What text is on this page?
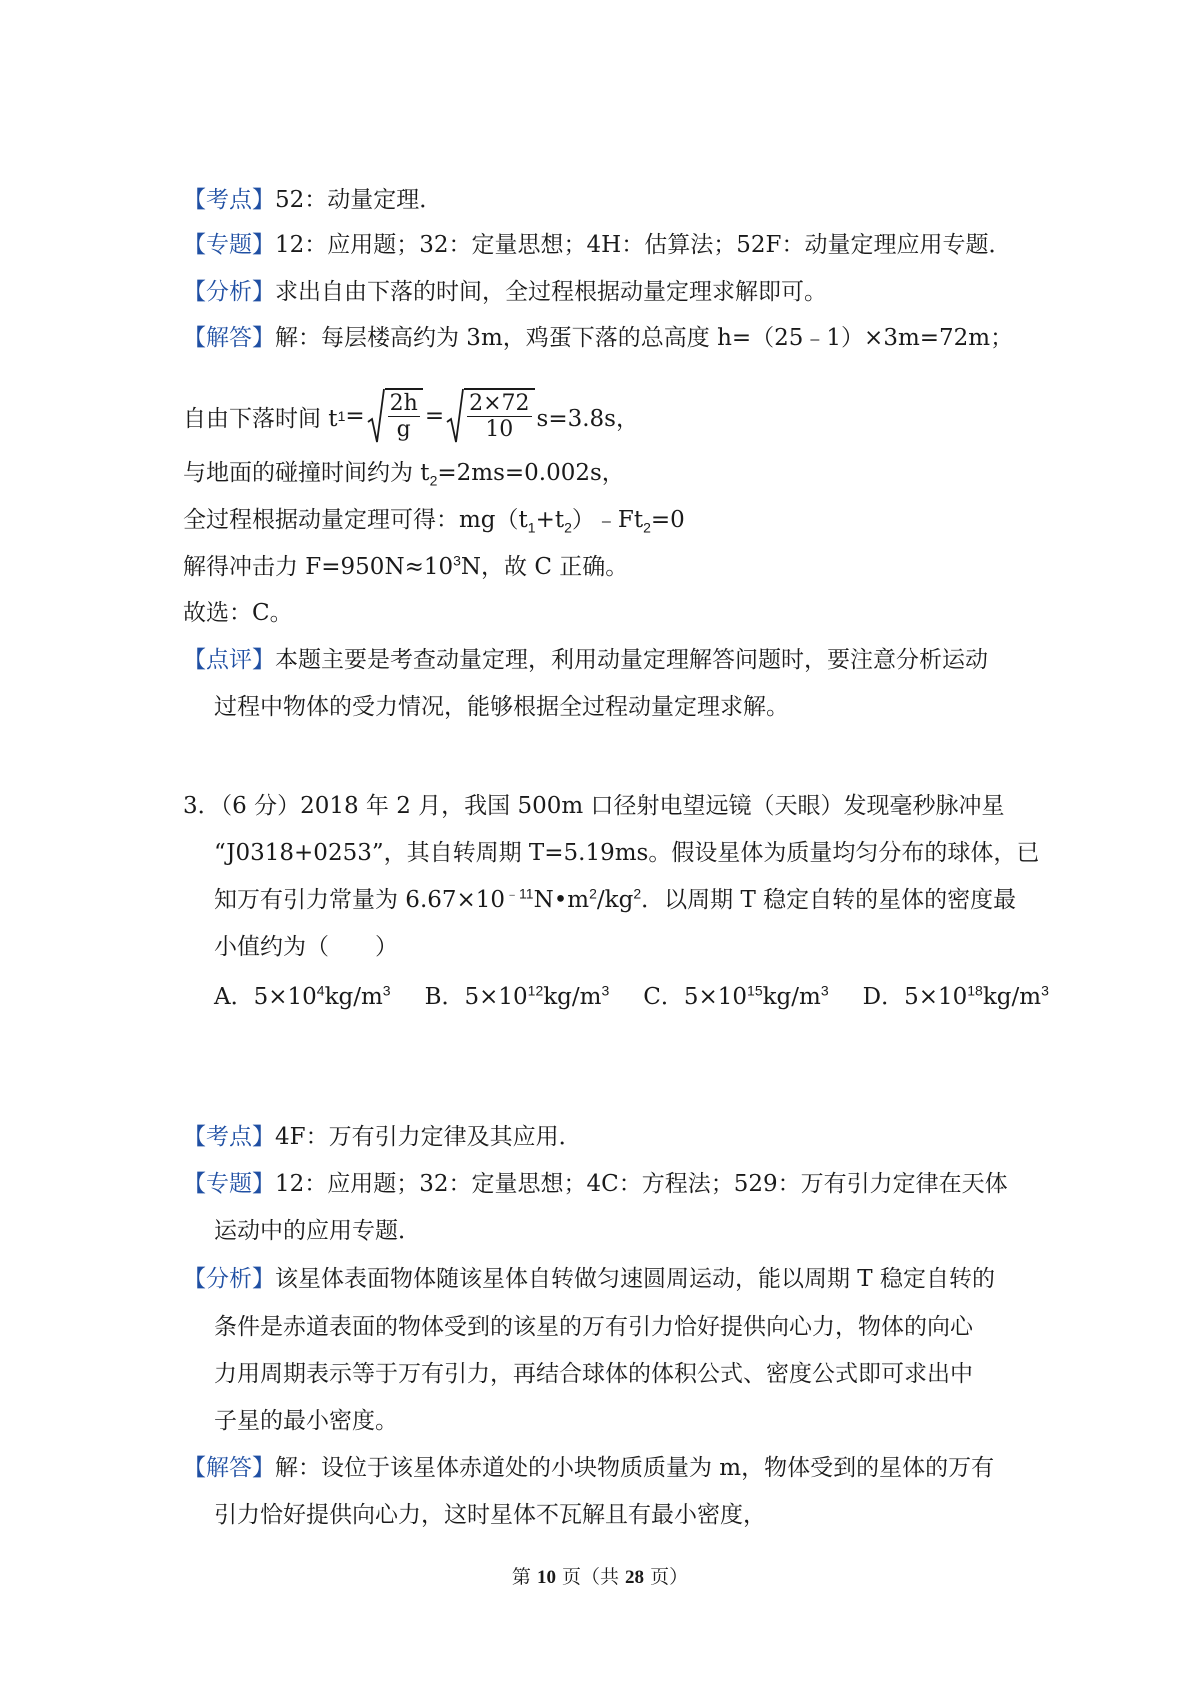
【考点】52：动量定理．
【专题】12：应用题；32：定量思想；4H：估算法；52F：动量定理应用专题．
【分析】求出自由下落的时间，全过程根据动量定理求解即可。
【解答】解：每层楼高约为 3m，鸡蛋下落的总高度 h=（25﹣1）×3m=72m；
自由下落时间 t $1 = \frac{2h}{g} = \frac{2\times 72}{10} s=3.8s$，
与地面的碰撞时间约为 $t_2=2ms=0.002s$，
全过程根据动量定理可得：$mg(t_1+t_2)﹣Ft_2=0$
解得冲击力 $F=950N\approx 10^3N$，故 C 正确。
故选：C。
【点评】本题主要是考查动量定理，利用动量定理解答问题时，要注意分析运动
过程中物体的受力情况，能够根据全过程动量定理求解。
3．（6 分）2018 年 2 月，我国 500m 口径射电望远镜（天眼）发现毫秒脉冲星
“J0318+0253”，其自转周期 T=5.19ms。假设星体为质量均匀分布的球体，已
知万有引力常量为 $6.67\times 10^{﹣11}N•m^2/kg^2$．以周期 T 稳定自转的星体的密度最
小值约为（　　）
A．$5\times 10^4kg/m^3$ B．$5\times 10^{12}kg/m^3$ C．$5\times 10^{15}kg/m^3$ D．$5\times 10^{18}kg/m^3$
【考点】4F：万有引力定律及其应用．
【专题】12：应用题；32：定量思想；4C：方程法；529：万有引力定律在天体
运动中的应用专题．
【分析】该星体表面物体随该星体自转做匀速圆周运动，能以周期 T 稳定自转的
条件是赤道表面的物体受到的该星的万有引力恰好提供向心力，物体的向心
力用周期表示等于万有引力，再结合球体的体积公式、密度公式即可求出中
子星的最小密度。
【解答】解：设位于该星体赤道处的小块物质质量为 m，物体受到的星体的万有
引力恰好提供向心力，这时星体不瓦解且有最小密度，
第 10 页（共 28 页）
